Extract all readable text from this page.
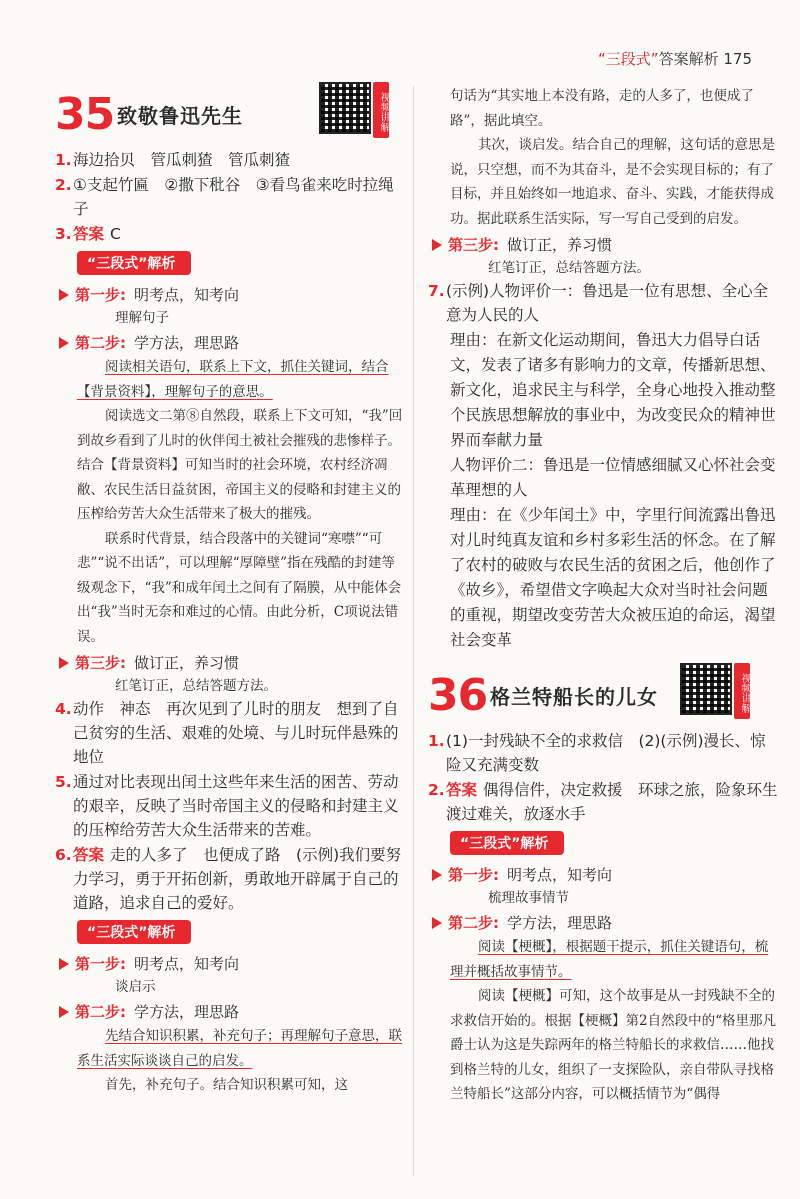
“三段式”答案解析 175
35 致敬鲁迅先生	视频讲解
1. 海边拾贝　管瓜刺猹　管瓜刺猹
2. ①支起竹匾　②撒下秕谷　③看鸟雀来吃时拉绳子
3. 答案 C
“三段式”解析
第一步: 明考点，知考向
理解句子
第二步: 学方法，理思路

阅读相关语句，联系上下文，抓住关键词，结合【背景资料】，理解句子的意思。

阅读选文二第⑧自然段，联系上下文可知，“我”回到故乡看到了儿时的伙伴闰土被社会摧残的悲惨样子。结合【背景资料】可知当时的社会环境，农村经济凋敝、农民生活日益贫困，帝国主义的侵略和封建主义的压榨给劳苦大众生活带来了极大的摧残。

联系时代背景，结合段落中的关键词“寒噤”“可悲”“说不出话”，可以理解“厚障壁”指在残酷的封建等级观念下，“我”和成年闰土之间有了隔膜，从中能体会出“我”当时无奈和难过的心情。由此分析，C项说法错误。

第三步: 做订正，养习惯
红笔订正，总结答题方法。
4. 动作　神态　再次见到了儿时的朋友　想到了自己贫穷的生活、艰难的处境、与儿时玩伴悬殊的地位
5. 通过对比表现出闰土这些年来生活的困苦、劳动的艰辛，反映了当时帝国主义的侵略和封建主义的压榨给劳苦大众生活带来的苦难。
6. 答案 走的人多了　也便成了路　(示例)我们要努力学习，勇于开拓创新，勇敢地开辟属于自己的道路，追求自己的爱好。
“三段式”解析
第一步: 明考点，知考向
谈启示
第二步: 学方法，理思路

先结合知识积累，补充句子；再理解句子意思，联系生活实际谈谈自己的启发。

首先，补充句子。结合知识积累可知，这

句话为“其实地上本没有路，走的人多了，也便成了路”，据此填空。

其次，谈启发。结合自己的理解，这句话的意思是说，只空想，而不为其奋斗，是不会实现目标的；有了目标，并且始终如一地追求、奋斗、实践，才能获得成功。据此联系生活实际，写一写自己受到的启发。

第三步: 做订正，养习惯
红笔订正，总结答题方法。
7. (示例)人物评价一：鲁迅是一位有思想、全心全意为人民的人
理由：在新文化运动期间，鲁迅大力倡导白话文，发表了诸多有影响力的文章，传播新思想、新文化，追求民主与科学，全身心地投入推动整个民族思想解放的事业中，为改变民众的精神世界而奉献力量
人物评价二：鲁迅是一位情感细腻又心怀社会变革理想的人
理由：在《少年闰土》中，字里行间流露出鲁迅对儿时纯真友谊和乡村多彩生活的怀念。在了解了农村的破败与农民生活的贫困之后，他创作了《故乡》，希望借文字唤起大众对当时社会问题的重视，期望改变劳苦大众被压迫的命运，渴望社会变革
36 格兰特船长的儿女	视频讲解
1. (1)一封残缺不全的求救信　(2)(示例)漫长、惊险又充满变数
2. 答案 偶得信件，决定救援　环球之旅，险象环生　渡过难关，放逐水手
“三段式”解析
第一步: 明考点，知考向
梳理故事情节
第二步: 学方法，理思路

阅读【梗概】，根据题干提示，抓住关键语句，梳理并概括故事情节。

阅读【梗概】可知，这个故事是从一封残缺不全的求救信开始的。根据【梗概】第2自然段中的“格里那凡爵士认为这是失踪两年的格兰特船长的求救信……他找到格兰特的儿女，组织了一支探险队，亲自带队寻找格兰特船长”这部分内容，可以概括情节为“偶得
